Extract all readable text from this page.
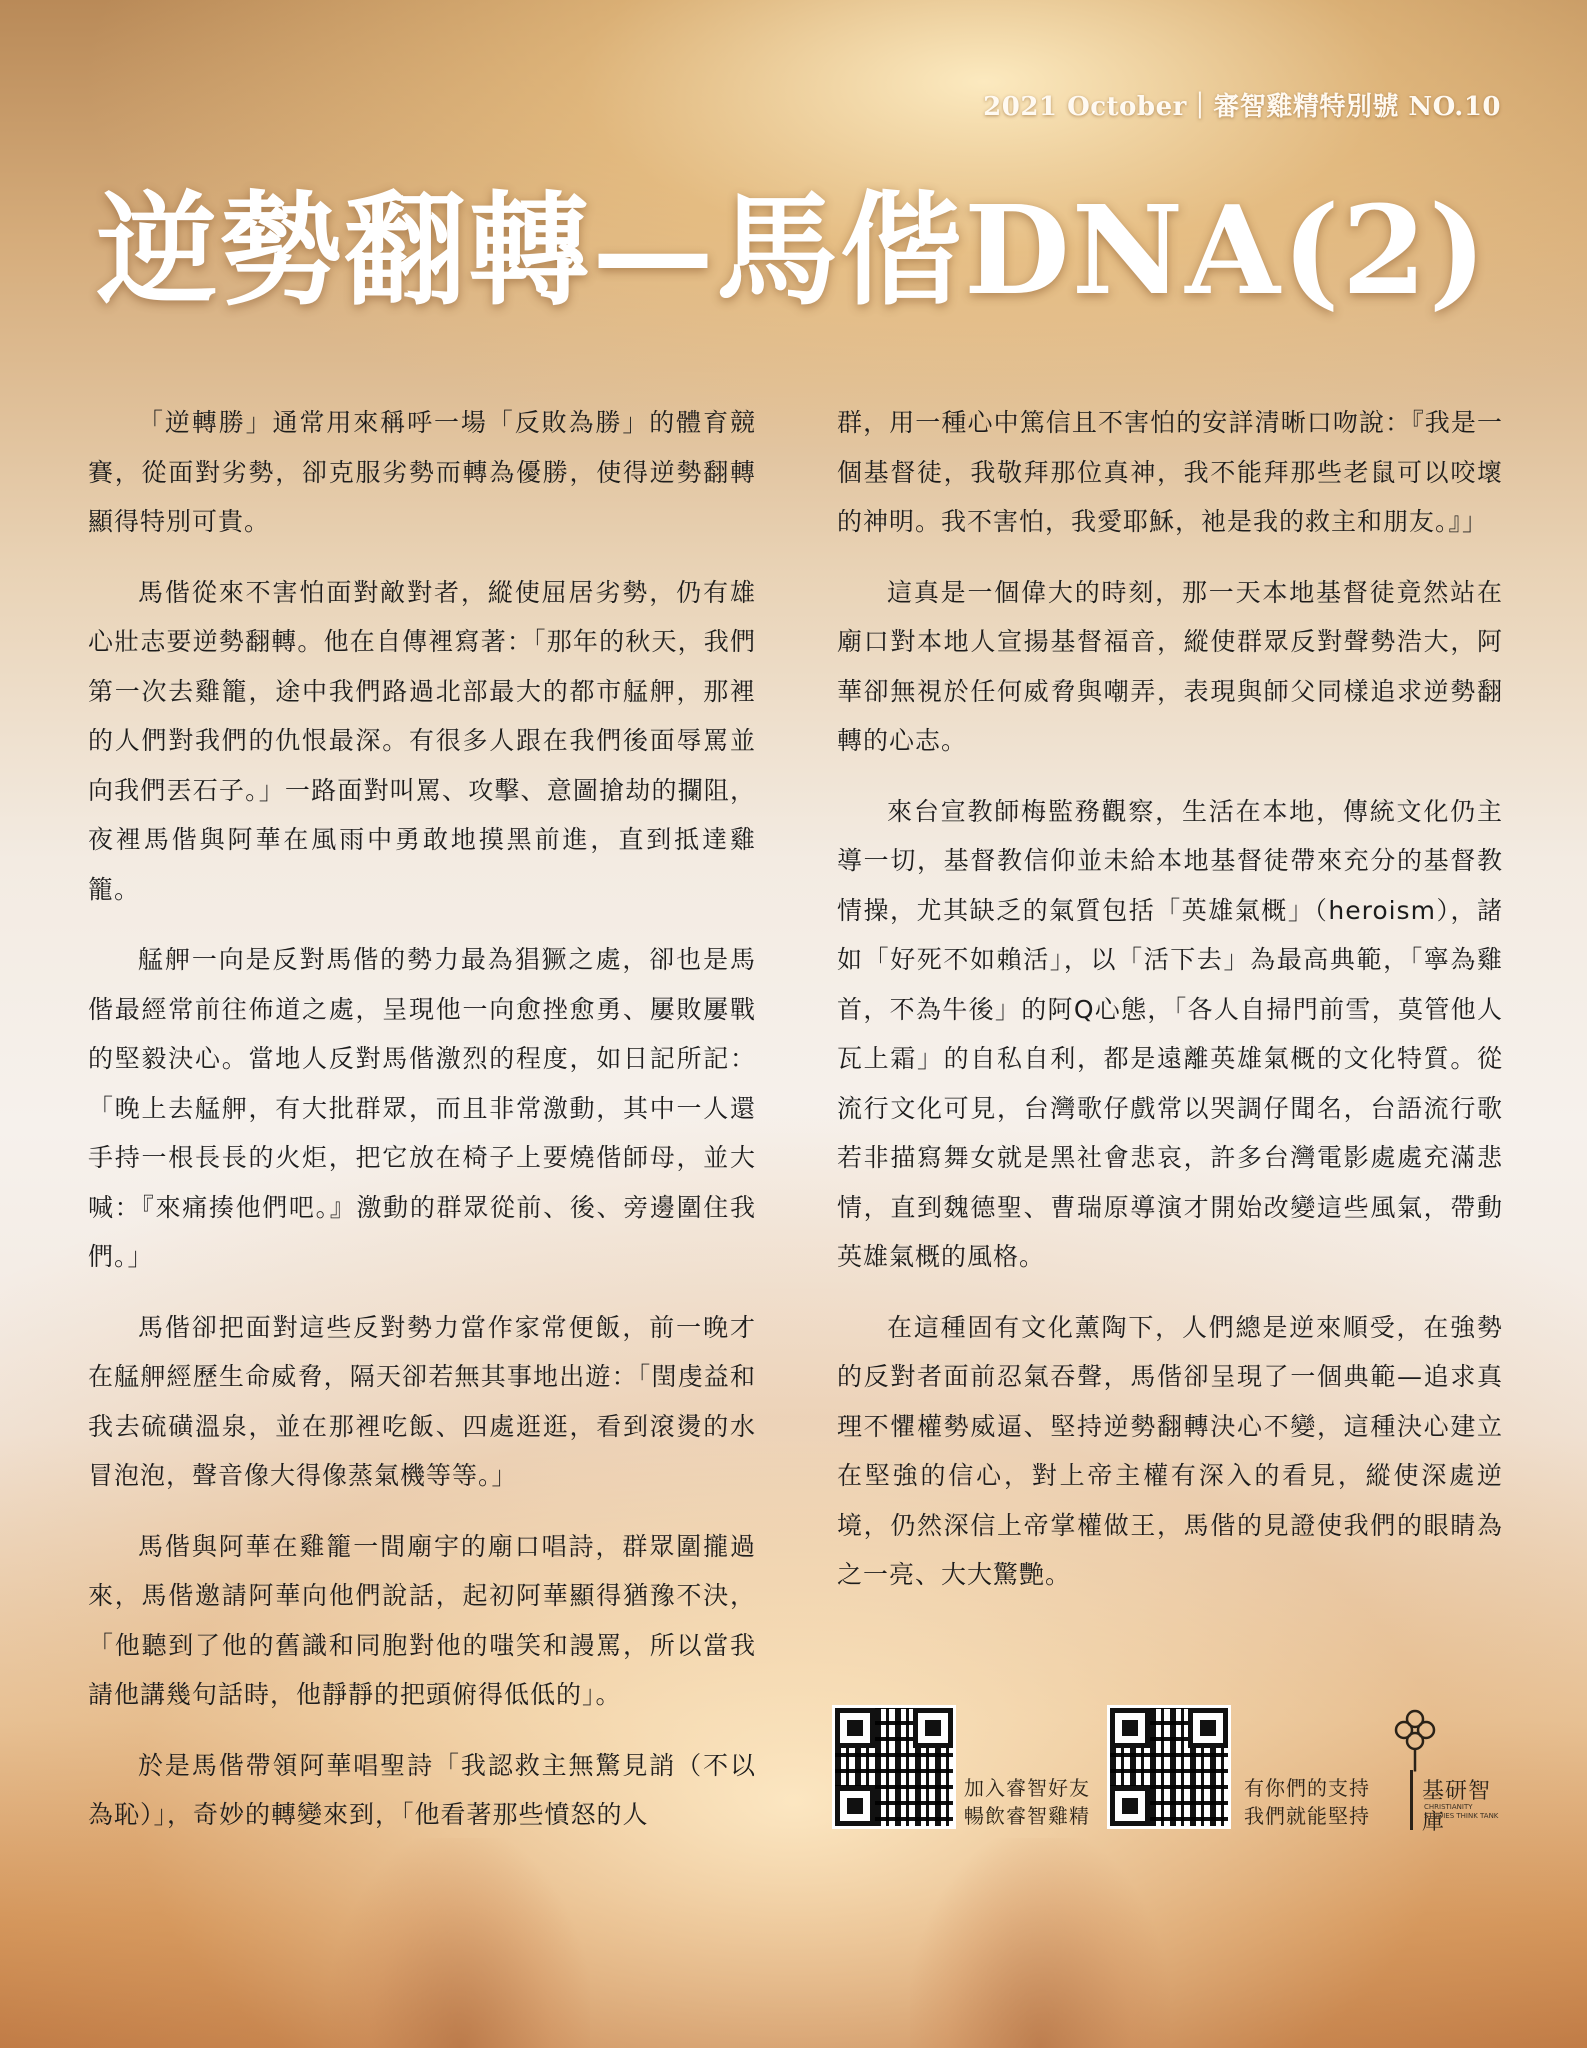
2021 October｜審智雞精特別號 NO.10
逆勢翻轉—馬偕DNA(2)

「逆轉勝」通常用來稱呼一場「反敗為勝」的體育競賽，從面對劣勢，卻克服劣勢而轉為優勝，使得逆勢翻轉顯得特別可貴。

馬偕從來不害怕面對敵對者，縱使屈居劣勢，仍有雄心壯志要逆勢翻轉。他在自傳裡寫著：「那年的秋天，我們第一次去雞籠，途中我們路過北部最大的都市艋舺，那裡的人們對我們的仇恨最深。有很多人跟在我們後面辱罵並向我們丟石子。」一路面對叫罵、攻擊、意圖搶劫的攔阻，夜裡馬偕與阿華在風雨中勇敢地摸黑前進，直到抵達雞籠。

艋舺一向是反對馬偕的勢力最為猖獗之處，卻也是馬偕最經常前往佈道之處，呈現他一向愈挫愈勇、屢敗屢戰的堅毅決心。當地人反對馬偕激烈的程度，如日記所記：「晚上去艋舺，有大批群眾，而且非常激動，其中一人還手持一根長長的火炬，把它放在椅子上要燒偕師母，並大喊：『來痛揍他們吧。』激動的群眾從前、後、旁邊圍住我們。」

馬偕卻把面對這些反對勢力當作家常便飯，前一晚才在艋舺經歷生命威脅，隔天卻若無其事地出遊：「閏虔益和我去硫磺溫泉，並在那裡吃飯、四處逛逛，看到滾燙的水冒泡泡，聲音像大得像蒸氣機等等。」

馬偕與阿華在雞籠一間廟宇的廟口唱詩，群眾圍攏過來，馬偕邀請阿華向他們說話，起初阿華顯得猶豫不決，「他聽到了他的舊識和同胞對他的嗤笑和謾罵，所以當我請他講幾句話時，他靜靜的把頭俯得低低的」。

於是馬偕帶領阿華唱聖詩「我認救主無驚見誚（不以為恥）」，奇妙的轉變來到，「他看著那些憤怒的人

群，用一種心中篤信且不害怕的安詳清晰口吻說：『我是一個基督徒，我敬拜那位真神，我不能拜那些老鼠可以咬壞的神明。我不害怕，我愛耶穌，祂是我的救主和朋友。』」

這真是一個偉大的時刻，那一天本地基督徒竟然站在廟口對本地人宣揚基督福音，縱使群眾反對聲勢浩大，阿華卻無視於任何威脅與嘲弄，表現與師父同樣追求逆勢翻轉的心志。

來台宣教師梅監務觀察，生活在本地，傳統文化仍主導一切，基督教信仰並未給本地基督徒帶來充分的基督教情操，尤其缺乏的氣質包括「英雄氣概」（heroism），諸如「好死不如賴活」，以「活下去」為最高典範，「寧為雞首，不為牛後」的阿Q心態，「各人自掃門前雪，莫管他人瓦上霜」的自私自利，都是遠離英雄氣概的文化特質。從流行文化可見，台灣歌仔戲常以哭調仔聞名，台語流行歌若非描寫舞女就是黑社會悲哀，許多台灣電影處處充滿悲情，直到魏德聖、曹瑞原導演才開始改變這些風氣，帶動英雄氣概的風格。

在這種固有文化薰陶下，人們總是逆來順受，在強勢的反對者面前忍氣吞聲，馬偕卻呈現了一個典範—追求真理不懼權勢威逼、堅持逆勢翻轉決心不變，這種決心建立在堅強的信心，對上帝主權有深入的看見，縱使深處逆境，仍然深信上帝掌權做王，馬偕的見證使我們的眼睛為之一亮、大大驚艷。

加入睿智好友
暢飲睿智雞精
有你們的支持
我們就能堅持
基研智庫
CHRISTIANITY STUDIES THINK TANK
